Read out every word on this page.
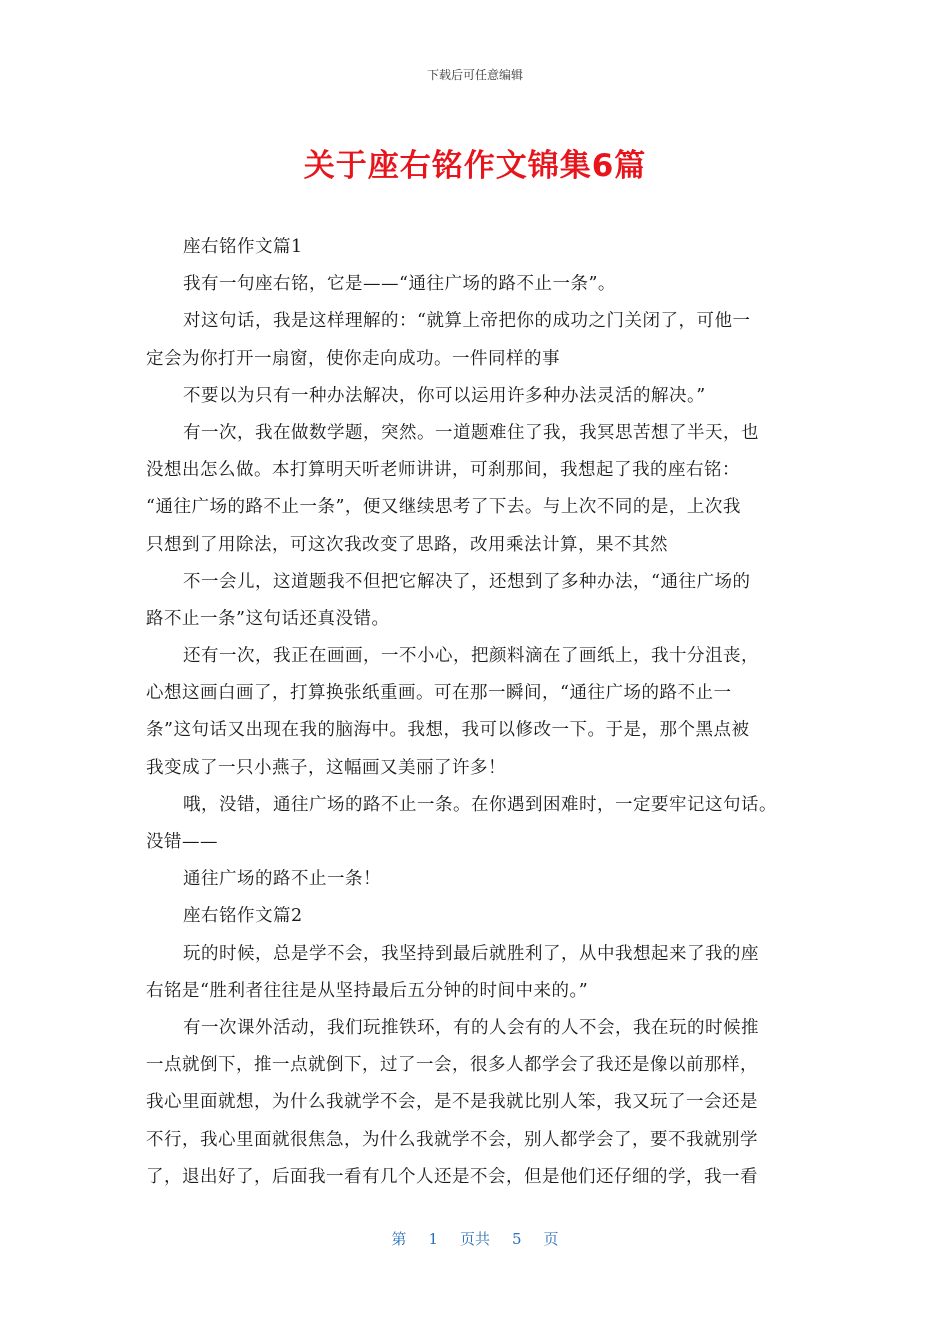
下载后可任意编辑
关于座右铭作文锦集6篇
座右铭作文篇1
我有一句座右铭，它是——“通往广场的路不止一条”。
对这句话，我是这样理解的：“就算上帝把你的成功之门关闭了，可他一
定会为你打开一扇窗，使你走向成功。一件同样的事
不要以为只有一种办法解决，你可以运用许多种办法灵活的解决。”
有一次，我在做数学题，突然。一道题难住了我，我冥思苦想了半天，也
没想出怎么做。本打算明天听老师讲讲，可刹那间，我想起了我的座右铭：
“通往广场的路不止一条”，便又继续思考了下去。与上次不同的是，上次我
只想到了用除法，可这次我改变了思路，改用乘法计算，果不其然
不一会儿，这道题我不但把它解决了，还想到了多种办法，“通往广场的
路不止一条”这句话还真没错。
还有一次，我正在画画，一不小心，把颜料滴在了画纸上，我十分沮丧，
心想这画白画了，打算换张纸重画。可在那一瞬间，“通往广场的路不止一
条”这句话又出现在我的脑海中。我想，我可以修改一下。于是，那个黑点被
我变成了一只小燕子，这幅画又美丽了许多！
哦，没错，通往广场的路不止一条。在你遇到困难时，一定要牢记这句话。
没错——
通往广场的路不止一条！
座右铭作文篇2
玩的时候，总是学不会，我坚持到最后就胜利了，从中我想起来了我的座
右铭是“胜利者往往是从坚持最后五分钟的时间中来的。”
有一次课外活动，我们玩推铁环，有的人会有的人不会，我在玩的时候推
一点就倒下，推一点就倒下，过了一会，很多人都学会了我还是像以前那样，
我心里面就想，为什么我就学不会，是不是我就比别人笨，我又玩了一会还是
不行，我心里面就很焦急，为什么我就学不会，别人都学会了，要不我就别学
了，退出好了，后面我一看有几个人还是不会，但是他们还仔细的学，我一看
第 1 页共 5 页
